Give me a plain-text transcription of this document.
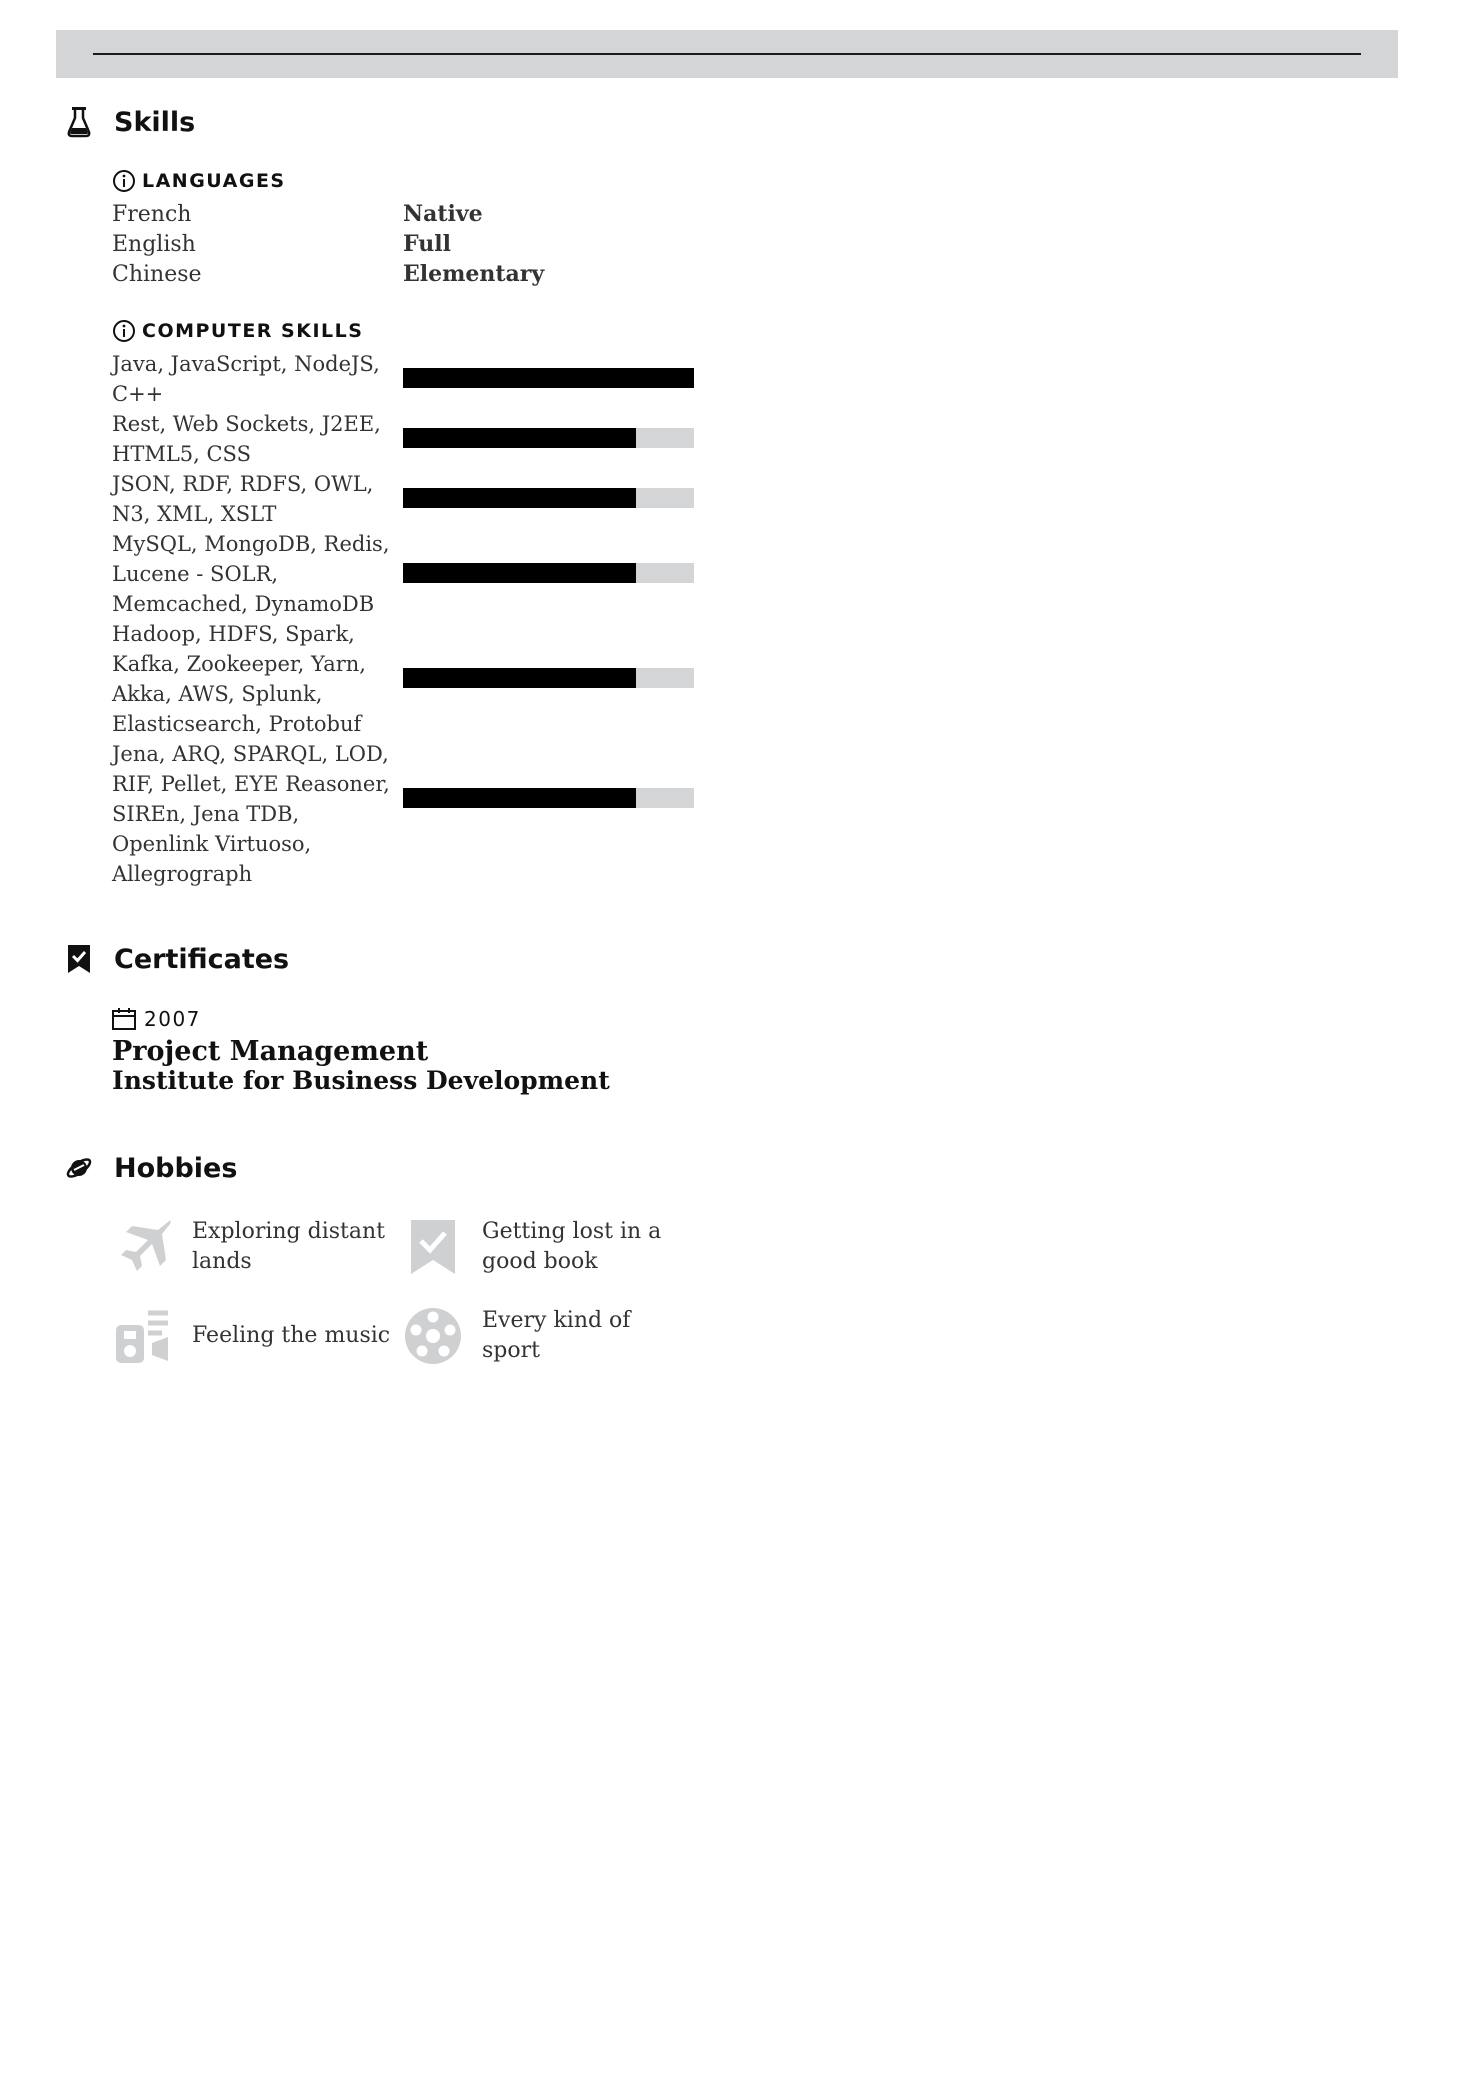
Skills
LANGUAGES
French	Native
English	Full
Chinese	Elementary
COMPUTER SKILLS
Java, JavaScript, NodeJS, C++
Rest, Web Sockets, J2EE, HTML5, CSS
JSON, RDF, RDFS, OWL, N3, XML, XSLT
MySQL, MongoDB, Redis, Lucene - SOLR, Memcached, DynamoDB
Hadoop, HDFS, Spark, Kafka, Zookeeper, Yarn, Akka, AWS, Splunk, Elasticsearch, Protobuf
Jena, ARQ, SPARQL, LOD, RIF, Pellet, EYE Reasoner, SIREn, Jena TDB, Openlink Virtuoso, Allegrograph
Certificates
2007
Project Management
Institute for Business Development
Hobbies
Exploring distant lands
Getting lost in a good book
Feeling the music
Every kind of sport
